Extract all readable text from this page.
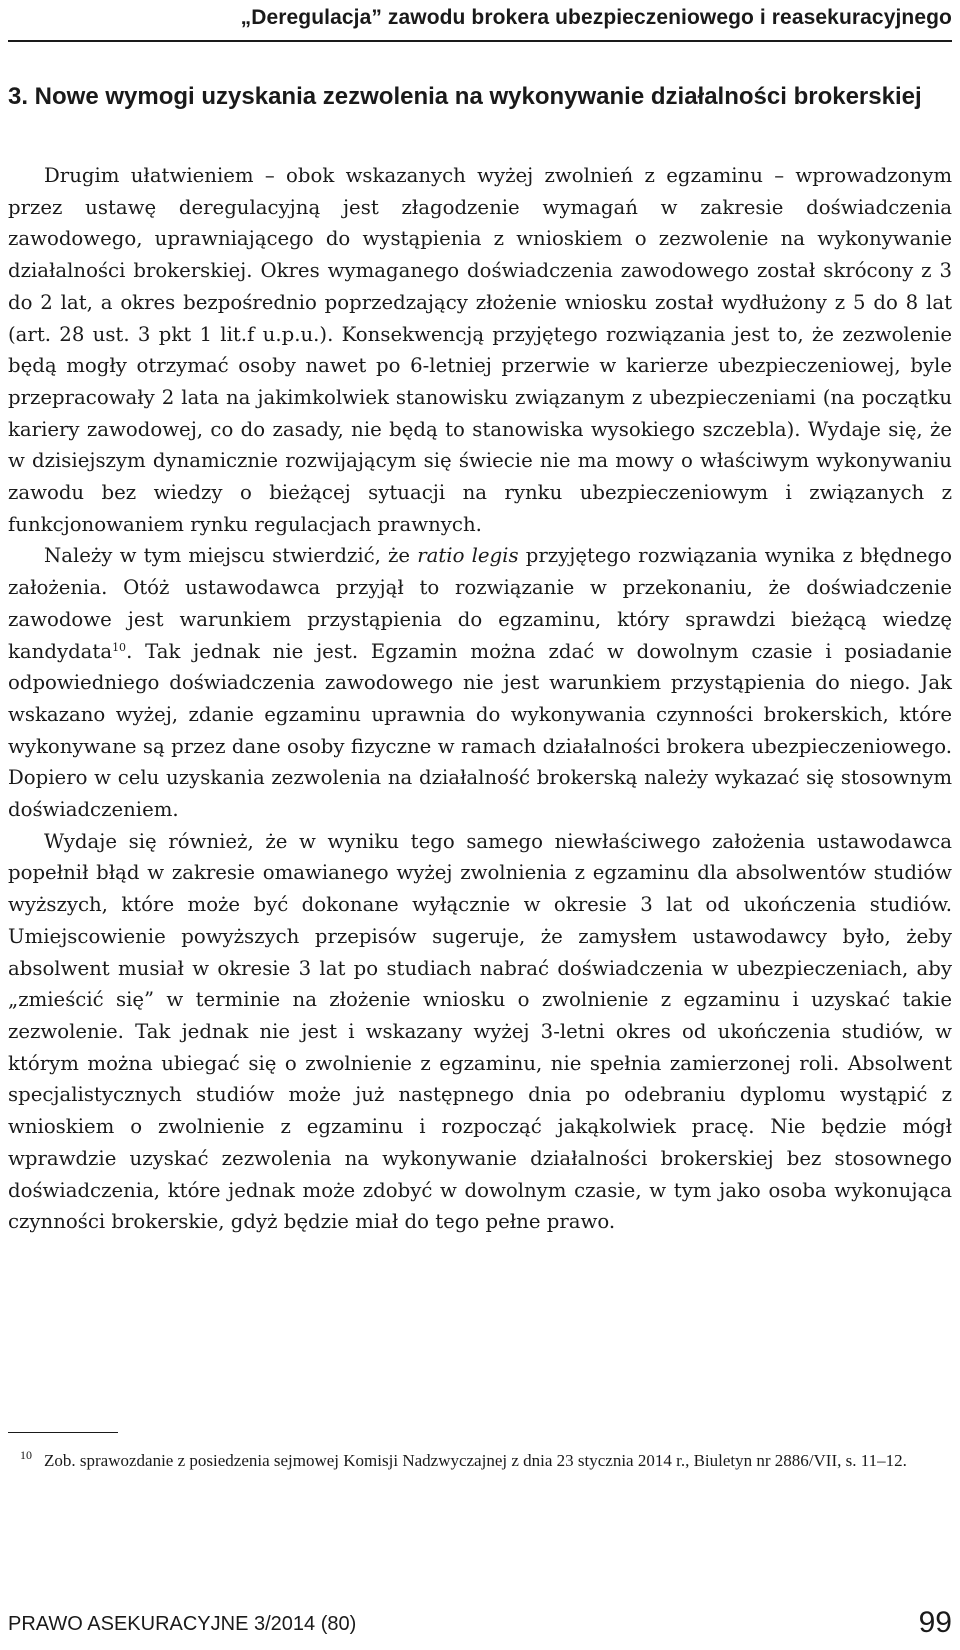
„Deregulacja” zawodu brokera ubezpieczeniowego i reasekuracyjnego
3. Nowe wymogi uzyskania zezwolenia na wykonywanie działalności brokerskiej

Drugim ułatwieniem – obok wskazanych wyżej zwolnień z egzaminu – wprowadzonym przez ustawę deregulacyjną jest złagodzenie wymagań w zakresie doświadczenia zawodowego, uprawniającego do wystąpienia z wnioskiem o zezwolenie na wykonywanie działalności brokerskiej. Okres wymaganego doświadczenia zawodowego został skrócony z 3 do 2 lat, a okres bezpośrednio poprzedzający złożenie wniosku został wydłużony z 5 do 8 lat (art. 28 ust. 3 pkt 1 lit.f u.p.u.). Konsekwencją przyjętego rozwiązania jest to, że zezwolenie będą mogły otrzymać osoby nawet po 6-letniej przerwie w karierze ubezpieczeniowej, byle przepracowały 2 lata na jakimkolwiek stanowisku związanym z ubezpieczeniami (na początku kariery zawodowej, co do zasady, nie będą to stanowiska wysokiego szczebla). Wydaje się, że w dzisiejszym dynamicznie rozwijającym się świecie nie ma mowy o właściwym wykonywaniu zawodu bez wiedzy o bieżącej sytuacji na rynku ubezpieczeniowym i związanych z funkcjonowaniem rynku regulacjach prawnych.

Należy w tym miejscu stwierdzić, że ratio legis przyjętego rozwiązania wynika z błędnego założenia. Otóż ustawodawca przyjął to rozwiązanie w przekonaniu, że doświadczenie zawodowe jest warunkiem przystąpienia do egzaminu, który sprawdzi bieżącą wiedzę kandydata$^{10}$. Tak jednak nie jest. Egzamin można zdać w dowolnym czasie i posiadanie odpowiedniego doświadczenia zawodowego nie jest warunkiem przystąpienia do niego. Jak wskazano wyżej, zdanie egzaminu uprawnia do wykonywania czynności brokerskich, które wykonywane są przez dane osoby fizyczne w ramach działalności brokera ubezpieczeniowego. Dopiero w celu uzyskania zezwolenia na działalność brokerską należy wykazać się stosownym doświadczeniem.

Wydaje się również, że w wyniku tego samego niewłaściwego założenia ustawodawca popełnił błąd w zakresie omawianego wyżej zwolnienia z egzaminu dla absolwentów studiów wyższych, które może być dokonane wyłącznie w okresie 3 lat od ukończenia studiów. Umiejscowienie powyższych przepisów sugeruje, że zamysłem ustawodawcy było, żeby absolwent musiał w okresie 3 lat po studiach nabrać doświadczenia w ubezpieczeniach, aby „zmieścić się” w terminie na złożenie wniosku o zwolnienie z egzaminu i uzyskać takie zezwolenie. Tak jednak nie jest i wskazany wyżej 3-letni okres od ukończenia studiów, w którym można ubiegać się o zwolnienie z egzaminu, nie spełnia zamierzonej roli. Absolwent specjalistycznych studiów może już następnego dnia po odebraniu dyplomu wystąpić z wnioskiem o zwolnienie z egzaminu i rozpocząć jakąkolwiek pracę. Nie będzie mógł wprawdzie uzyskać zezwolenia na wykonywanie działalności brokerskiej bez stosownego doświadczenia, które jednak może zdobyć w dowolnym czasie, w tym jako osoba wykonująca czynności brokerskie, gdyż będzie miał do tego pełne prawo.

10 Zob. sprawozdanie z posiedzenia sejmowej Komisji Nadzwyczajnej z dnia 23 stycznia 2014 r., Biuletyn nr 2886/VII, s. 11–12.
PRAWO ASEKURACYJNE 3/2014 (80)	99
